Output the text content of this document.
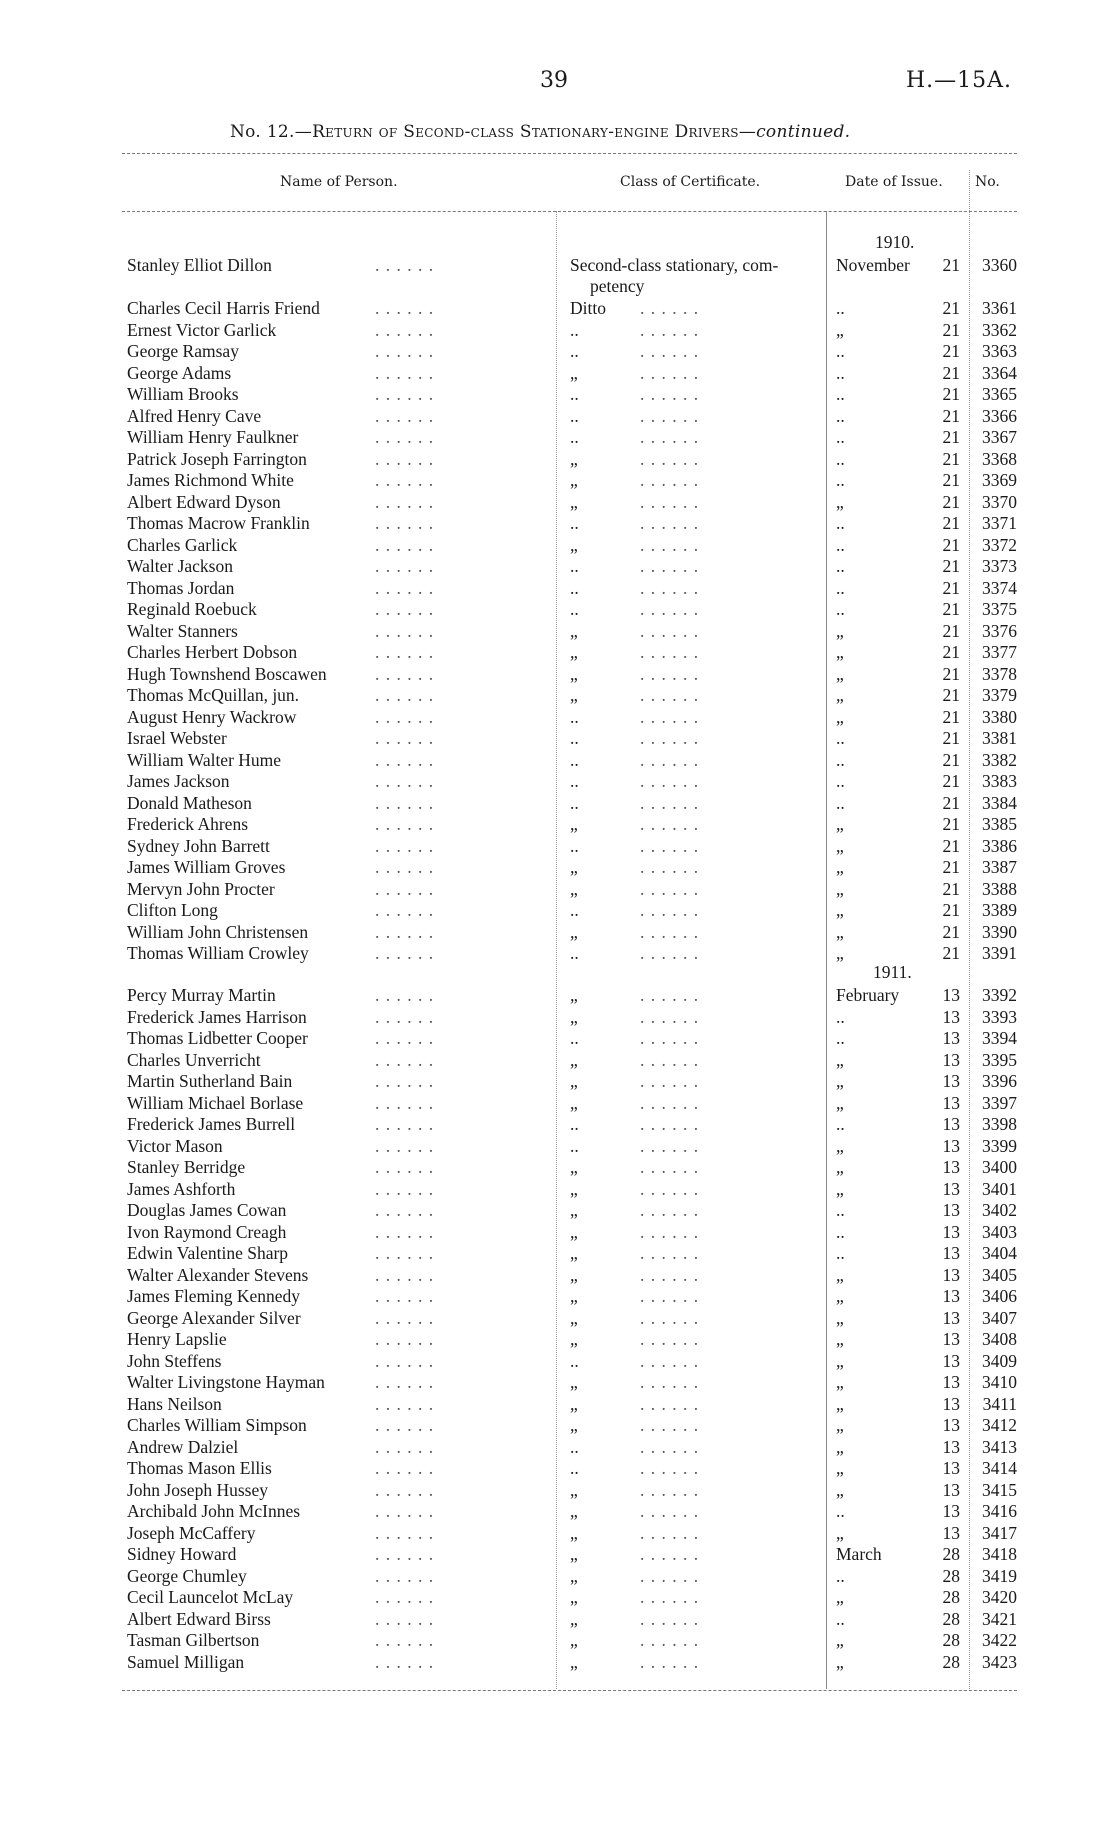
39	H.—15A.
No. 12.—Return of Second-class Stationary-engine Drivers—continued.
Name of Person.	Class of Certificate.	Date of Issue. No.
1910.
1911.
petency
Stanley Elliot Dillon	. . . . . .	Second-class stationary, com-	November	21	3360
Charles Cecil Harris Friend	. . . . . .	Ditto . . . . . .	..	21	3361
Ernest Victor Garlick	. . . . . .	..	. . . . . .	„	21	3362
George Ramsay	. . . . . .	..	. . . . . .	..	21	3363
George Adams	. . . . . .	„	. . . . . .	..	21	3364
William Brooks	. . . . . .	..	. . . . . .	..	21	3365
Alfred Henry Cave	. . . . . .	..	. . . . . .	..	21	3366
William Henry Faulkner	. . . . . .	..	. . . . . .	..	21	3367
Patrick Joseph Farrington	. . . . . .	„	. . . . . .	..	21	3368
James Richmond White	. . . . . .	„	. . . . . .	..	21	3369
Albert Edward Dyson	. . . . . .	„	. . . . . .	„	21	3370
Thomas Macrow Franklin	. . . . . .	..	. . . . . .	..	21	3371
Charles Garlick	. . . . . .	„	. . . . . .	..	21	3372
Walter Jackson	. . . . . .	..	. . . . . .	..	21	3373
Thomas Jordan	. . . . . .	..	. . . . . .	..	21	3374
Reginald Roebuck	. . . . . .	..	. . . . . .	..	21	3375
Walter Stanners	. . . . . .	„	. . . . . .	„	21	3376
Charles Herbert Dobson	. . . . . .	„	. . . . . .	„	21	3377
Hugh Townshend Boscawen	. . . . . .	„	. . . . . .	„	21	3378
Thomas McQuillan, jun.	. . . . . .	„	. . . . . .	„	21	3379
August Henry Wackrow	. . . . . .	..	. . . . . .	„	21	3380
Israel Webster	. . . . . .	..	. . . . . .	..	21	3381
William Walter Hume	. . . . . .	..	. . . . . .	..	21	3382
James Jackson	. . . . . .	..	. . . . . .	..	21	3383
Donald Matheson	. . . . . .	..	. . . . . .	..	21	3384
Frederick Ahrens	. . . . . .	„	. . . . . .	„	21	3385
Sydney John Barrett	. . . . . .	..	. . . . . .	„	21	3386
James William Groves	. . . . . .	„	. . . . . .	„	21	3387
Mervyn John Procter	. . . . . .	„	. . . . . .	„	21	3388
Clifton Long	. . . . . .	..	. . . . . .	„	21	3389
William John Christensen	. . . . . .	„	. . . . . .	„	21	3390
Thomas William Crowley	. . . . . .	..	. . . . . .	„	21	3391
Percy Murray Martin	. . . . . .	„	. . . . . .	February	13	3392
Frederick James Harrison	. . . . . .	„	. . . . . .	..	13	3393
Thomas Lidbetter Cooper	. . . . . .	..	. . . . . .	..	13	3394
Charles Unverricht	. . . . . .	„	. . . . . .	„	13	3395
Martin Sutherland Bain	. . . . . .	„	. . . . . .	„	13	3396
William Michael Borlase	. . . . . .	„	. . . . . .	„	13	3397
Frederick James Burrell	. . . . . .	..	. . . . . .	..	13	3398
Victor Mason	. . . . . .	..	. . . . . .	„	13	3399
Stanley Berridge	. . . . . .	„	. . . . . .	„	13	3400
James Ashforth	. . . . . .	„	. . . . . .	„	13	3401
Douglas James Cowan	. . . . . .	„	. . . . . .	..	13	3402
Ivon Raymond Creagh	. . . . . .	„	. . . . . .	..	13	3403
Edwin Valentine Sharp	. . . . . .	„	. . . . . .	..	13	3404
Walter Alexander Stevens	. . . . . .	„	. . . . . .	„	13	3405
James Fleming Kennedy	. . . . . .	„	. . . . . .	„	13	3406
George Alexander Silver	. . . . . .	„	. . . . . .	„	13	3407
Henry Lapslie	. . . . . .	„	. . . . . .	„	13	3408
John Steffens	. . . . . .	..	. . . . . .	„	13	3409
Walter Livingstone Hayman	. . . . . .	„	. . . . . .	„	13	3410
Hans Neilson	. . . . . .	„	. . . . . .	„	13	3411
Charles William Simpson	. . . . . .	„	. . . . . .	„	13	3412
Andrew Dalziel	. . . . . .	..	. . . . . .	„	13	3413
Thomas Mason Ellis	. . . . . .	..	. . . . . .	„	13	3414
John Joseph Hussey	. . . . . .	„	. . . . . .	„	13	3415
Archibald John McInnes	. . . . . .	„	. . . . . .	..	13	3416
Joseph McCaffery	. . . . . .	„	. . . . . .	„	13	3417
Sidney Howard	. . . . . .	„	. . . . . .	March	28	3418
George Chumley	. . . . . .	„	. . . . . .	..	28	3419
Cecil Launcelot McLay	. . . . . .	„	. . . . . .	„	28	3420
Albert Edward Birss	. . . . . .	„	. . . . . .	..	28	3421
Tasman Gilbertson	. . . . . .	„	. . . . . .	„	28	3422
Samuel Milligan	. . . . . .	„	. . . . . .	„	28	3423
